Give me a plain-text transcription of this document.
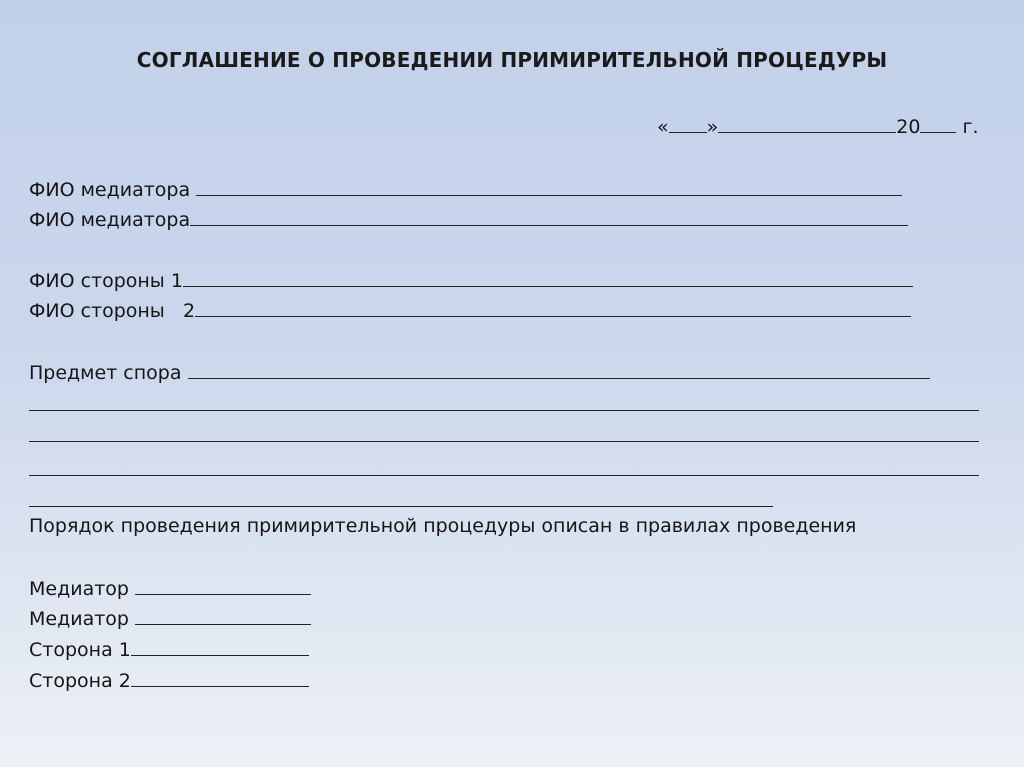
СОГЛАШЕНИЕ О ПРОВЕДЕНИИ ПРИМИРИТЕЛЬНОЙ ПРОЦЕДУРЫ
« »	20 г.
ФИО медиатора
ФИО медиатора
ФИО стороны 1
ФИО стороны 2
Предмет спора
Порядок проведения примирительной процедуры описан в правилах проведения
Медиатор
Медиатор
Сторона 1
Сторона 2
